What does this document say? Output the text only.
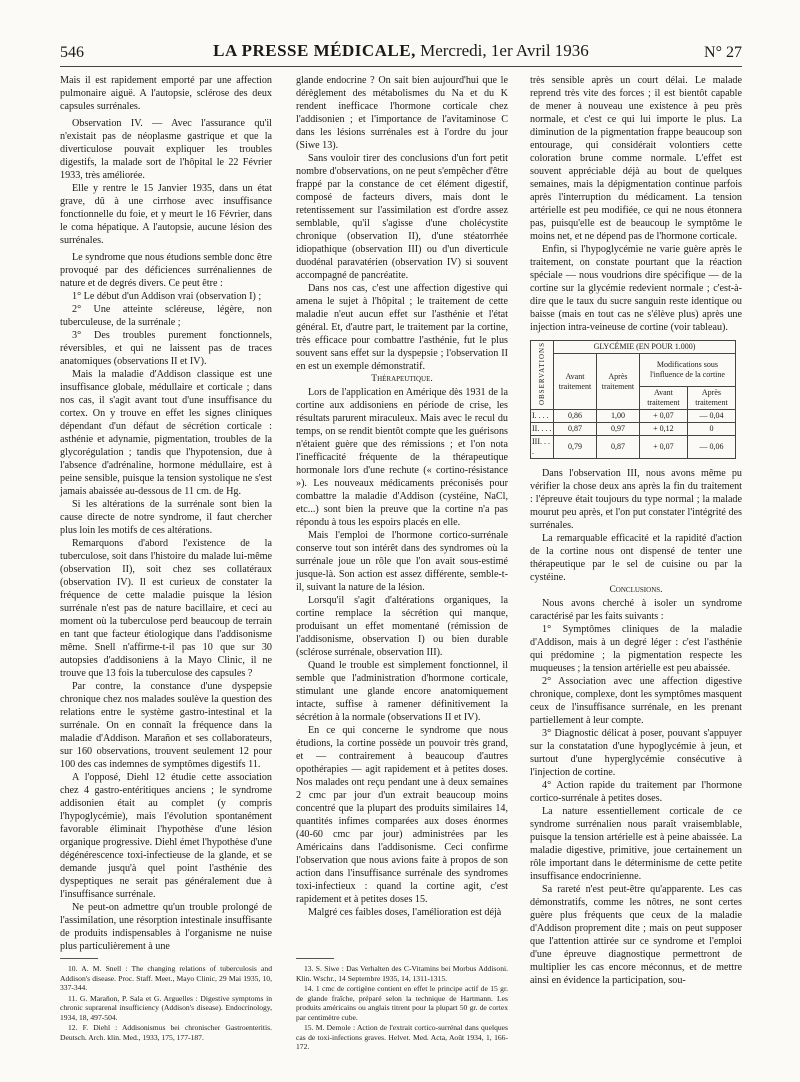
546	LA PRESSE MÉDICALE, Mercredi, 1er Avril 1936	N° 27

Mais il est rapidement emporté par une affection pulmonaire aiguë. A l'autopsie, sclérose des deux capsules surrénales.

Observation IV. — Avec l'assurance qu'il n'existait pas de néoplasme gastrique et que la diverticulose pouvait expliquer les troubles digestifs, la malade sort de l'hôpital le 22 Février 1933, très améliorée.

Elle y rentre le 15 Janvier 1935, dans un état grave, dû à une cirrhose avec insuffisance fonctionnelle du foie, et y meurt le 16 Février, dans le coma hépatique. A l'autopsie, aucune lésion des surrénales.

Le syndrome que nous étudions semble donc être provoqué par des déficiences surrénaliennes de nature et de degrés divers. Ce peut être :

1° Le début d'un Addison vrai (observation I) ;

2° Une atteinte scléreuse, légère, non tuberculeuse, de la surrénale ;

3° Des troubles purement fonctionnels, réversibles, et qui ne laissent pas de traces anatomiques (observations II et IV).

Mais la maladie d'Addison classique est une insuffisance globale, médullaire et corticale ; dans nos cas, il s'agit avant tout d'une insuffisance du cortex. On y trouve en effet les signes cliniques dépendant d'un défaut de sécrétion corticale : asthénie et adynamie, pigmentation, troubles de la glycorégulation ; tandis que l'hypotension, due à l'absence d'adrénaline, hormone médullaire, est à peine sensible, puisque la tension systolique ne s'est jamais abaissée au-dessous de 11 cm. de Hg.

Si les altérations de la surrénale sont bien la cause directe de notre syndrome, il faut chercher plus loin les motifs de ces altérations.

Remarquons d'abord l'existence de la tuberculose, soit dans l'histoire du malade lui-même (observation II), soit chez ses collatéraux (observation IV). Il est curieux de constater la fréquence de cette maladie puisque la lésion surrénale n'est pas de nature bacillaire, et ceci au moment où la tuberculose perd beaucoup de terrain en tant que facteur étiologique dans l'addisonisme même. Snell n'affirme-t-il pas 10 que sur 30 autopsies d'addisoniens à la Mayo Clinic, il ne trouve que 13 fois la tuberculose des capsules ?

Par contre, la constance d'une dyspepsie chronique chez nos malades soulève la question des relations entre le système gastro-intestinal et la surrénale. On en connaît la fréquence dans la maladie d'Addison. Marañon et ses collaborateurs, sur 160 observations, trouvent seulement 12 pour 100 des cas indemnes de symptômes digestifs 11.

A l'opposé, Diehl 12 étudie cette association chez 4 gastro-entéritiques anciens ; le syndrome addisonien était au complet (y compris l'hypoglycémie), mais l'évolution spontanément favorable éliminait l'hypothèse d'une lésion organique progressive. Diehl émet l'hypothèse d'une dégénérescence toxi-infectieuse de la glande, et se demande jusqu'à quel point l'asthénie des dyspeptiques ne serait pas généralement due à l'insuffisance surrénale.

Ne peut-on admettre qu'un trouble prolongé de l'assimilation, une résorption intestinale insuffisante de produits indispensables à l'organisme ne nuise plus particulièrement à une

glande endocrine ? On sait bien aujourd'hui que le dérèglement des métabolismes du Na et du K rendent inefficace l'hormone corticale chez l'addisonien ; et l'importance de l'avitaminose C dans les lésions surrénales est à l'ordre du jour (Siwe 13).

Sans vouloir tirer des conclusions d'un fort petit nombre d'observations, on ne peut s'empêcher d'être frappé par la constance de cet élément digestif, composé de facteurs divers, mais dont le retentissement sur l'assimilation est d'ordre assez semblable, qu'il s'agisse d'une cholécystite chronique (observation II), d'une stéatorrhée idiopathique (observation III) ou d'un diverticule duodénal paravatérien (observation IV) si souvent accompagné de pancréatite.

Dans nos cas, c'est une affection digestive qui amena le sujet à l'hôpital ; le traitement de cette maladie n'eut aucun effet sur l'asthénie et l'état général. Et, d'autre part, le traitement par la cortine, très efficace pour combattre l'asthénie, fut le plus souvent sans effet sur la dyspepsie ; l'observation II en est un exemple démonstratif.

Thérapeutique.

Lors de l'application en Amérique dès 1931 de la cortine aux addisoniens en période de crise, les résultats parurent miraculeux. Mais avec le recul du temps, on se rendit bientôt compte que les guérisons n'étaient guère que des rémissions ; et l'on nota l'inefficacité fréquente de la thérapeutique hormonale lors d'une rechute (« cortino-résistance »). Les nouveaux médicaments préconisés pour combattre la maladie d'Addison (cystéine, NaCl, etc...) sont bien la preuve que la cortine n'a pas répondu à tous les espoirs placés en elle.

Mais l'emploi de l'hormone cortico-surrénale conserve tout son intérêt dans des syndromes où la surrénale joue un rôle que l'on avait sous-estimé jusque-là. Son action est assez différente, semble-t-il, suivant la nature de la lésion.

Lorsqu'il s'agit d'altérations organiques, la cortine remplace la sécrétion qui manque, produisant un effet momentané (rémission de l'addisonisme, observation I) ou bien durable (sclérose surrénale, observation III).

Quand le trouble est simplement fonctionnel, il semble que l'administration d'hormone corticale, stimulant une glande encore anatomiquement intacte, suffise à ramener définitivement la sécrétion à la normale (observations II et IV).

En ce qui concerne le syndrome que nous étudions, la cortine possède un pouvoir très grand, et — contrairement à beaucoup d'autres opothérapies — agit rapidement et à petites doses. Nos malades ont reçu pendant une à deux semaines 2 cmc par jour d'un extrait beaucoup moins concentré que la plupart des produits similaires 14, quantités infimes comparées aux doses énormes (40-60 cmc par jour) administrées par les Américains dans l'addisonisme. Ceci confirme l'observation que nous avions faite à propos de son action dans l'insuffisance surrénale des syndromes toxi-infectieux : quand la cortine agit, c'est rapidement et à petites doses 15.

Malgré ces faibles doses, l'amélioration est déjà

très sensible après un court délai. Le malade reprend très vite des forces ; il est bientôt capable de mener à nouveau une existence à peu près normale, et c'est ce qui lui importe le plus. La diminution de la pigmentation frappe beaucoup son entourage, qui considérait volontiers cette coloration brune comme normale. L'effet est souvent appréciable déjà au bout de quelques semaines, mais la dépigmentation continue parfois après l'interruption du médicament. La tension artérielle est peu modifiée, ce qui ne nous étonnera pas, puisqu'elle est de beaucoup le symptôme le moins net, et ne dépend pas de l'hormone corticale.

Enfin, si l'hypoglycémie ne varie guère après le traitement, on constate pourtant que la réaction spéciale — nous voudrions dire spécifique — de la cortine sur la glycémie redevient normale ; c'est-à-dire que le taux du sucre sanguin reste identique ou baisse (mais en tout cas ne s'élève plus) après une injection intra-veineuse de cortine (voir tableau).

OBSERVATIONS	GLYCÉMIE (EN POUR 1.000)			
	Avant traitement	Après traitement	Modifications sous l'influence de la cortine	
			Avant traitement	Après traitement
I. . . .	0,86	1,00	+ 0,07	— 0,04
II. . . .	0,87	0,97	+ 0,12	0
III. . . .	0,79	0,87	+ 0,07	— 0,06

Dans l'observation III, nous avons même pu vérifier la chose deux ans après la fin du traitement : l'épreuve était toujours du type normal ; la malade mourut peu après, et l'on put constater l'intégrité des surrénales.

La remarquable efficacité et la rapidité d'action de la cortine nous ont dispensé de tenter une thérapeutique par le sel de cuisine ou par la cystéine.

Conclusions.

Nous avons cherché à isoler un syndrome caractérisé par les faits suivants :

1° Symptômes cliniques de la maladie d'Addison, mais à un degré léger : c'est l'asthénie qui prédomine ; la pigmentation respecte les muqueuses ; la tension artérielle est peu abaissée.

2° Association avec une affection digestive chronique, complexe, dont les symptômes masquent ceux de l'insuffisance surrénale, en les prenant partiellement à leur compte.

3° Diagnostic délicat à poser, pouvant s'appuyer sur la constatation d'une hypoglycémie à jeun, et surtout d'une hyperglycémie consécutive à l'injection de cortine.

4° Action rapide du traitement par l'hormone cortico-surrénale à petites doses.

La nature essentiellement corticale de ce syndrome surrénalien nous paraît vraisemblable, puisque la tension artérielle est à peine abaissée. La maladie digestive, primitive, joue certainement un rôle important dans le déterminisme de cette petite insuffisance endocrinienne.

Sa rareté n'est peut-être qu'apparente. Les cas démonstratifs, comme les nôtres, ne sont certes guère plus fréquents que ceux de la maladie d'Addison proprement dite ; mais on peut supposer que l'attention attirée sur ce syndrome et l'emploi d'une épreuve diagnostique permettront de multiplier les cas encore méconnus, et de mettre ainsi en évidence la participation, sou-

10. A. M. Snell : The changing relations of tuberculosis and Addison's disease. Proc. Staff. Meet., Mayo Clinic, 29 Mai 1935, 10, 337-344.

11. G. Marañon, P. Sala et G. Arguelles : Digestive symptoms in chronic suprarenal insufficiency (Addison's disease). Endocrinology, 1934, 18, 497-504.

12. F. Diehl : Addisonismus bei chronischer Gastroenteritis. Deutsch. Arch. klin. Med., 1933, 175, 177-187.

13. S. Siwe : Das Verhalten des C-Vitamins bei Morbus Addisoni. Klin. Wschr., 14 Septembre 1935, 14, 1311-1315.

14. 1 cmc de cortigène contient en effet le principe actif de 15 gr. de glande fraîche, préparé selon la technique de Hartmann. Les produits américains ou anglais titrent pour la plupart 50 gr. de cortex par centimètre cube.

15. M. Demole : Action de l'extrait cortico-surrénal dans quelques cas de toxi-infections graves. Helvet. Med. Acta, Août 1934, 1, 166-172.
